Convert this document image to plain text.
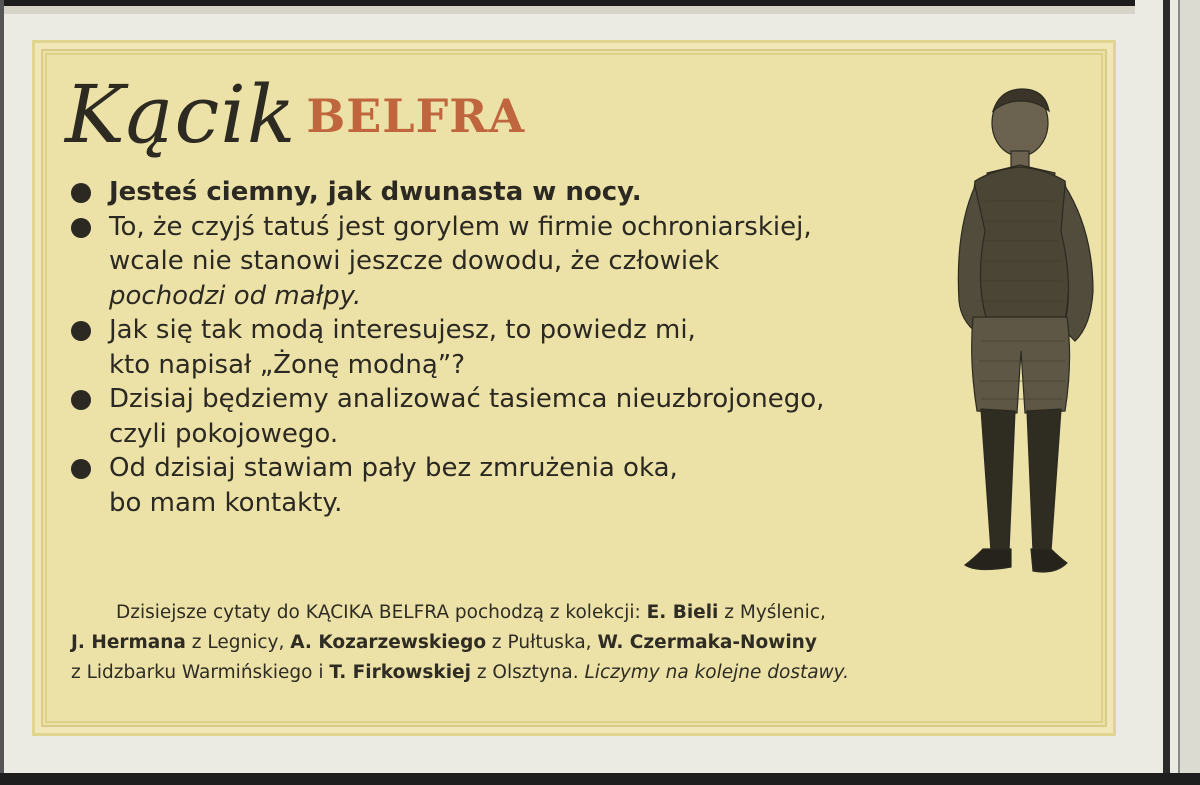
Kącik BELFRA
Jesteś ciemny, jak dwunasta w nocy.
To, że czyjś tatuś jest gorylem w firmie ochroniarskiej,
wcale nie stanowi jeszcze dowodu, że człowiek
pochodzi od małpy.
Jak się tak modą interesujesz, to powiedz mi,
kto napisał „Żonę modną”?
Dzisiaj będziemy analizować tasiemca nieuzbrojonego,
czyli pokojowego.
Od dzisiaj stawiam pały bez zmrużenia oka,
bo mam kontakty.
Dzisiejsze cytaty do KĄCIKA BELFRA pochodzą z kolekcji: E. Bieli z Myślenic,
J. Hermana z Legnicy, A. Kozarzewskiego z Pułtuska, W. Czermaka-Nowiny
z Lidzbarku Warmińskiego i T. Firkowskiej z Olsztyna. Liczymy na kolejne dostawy.
